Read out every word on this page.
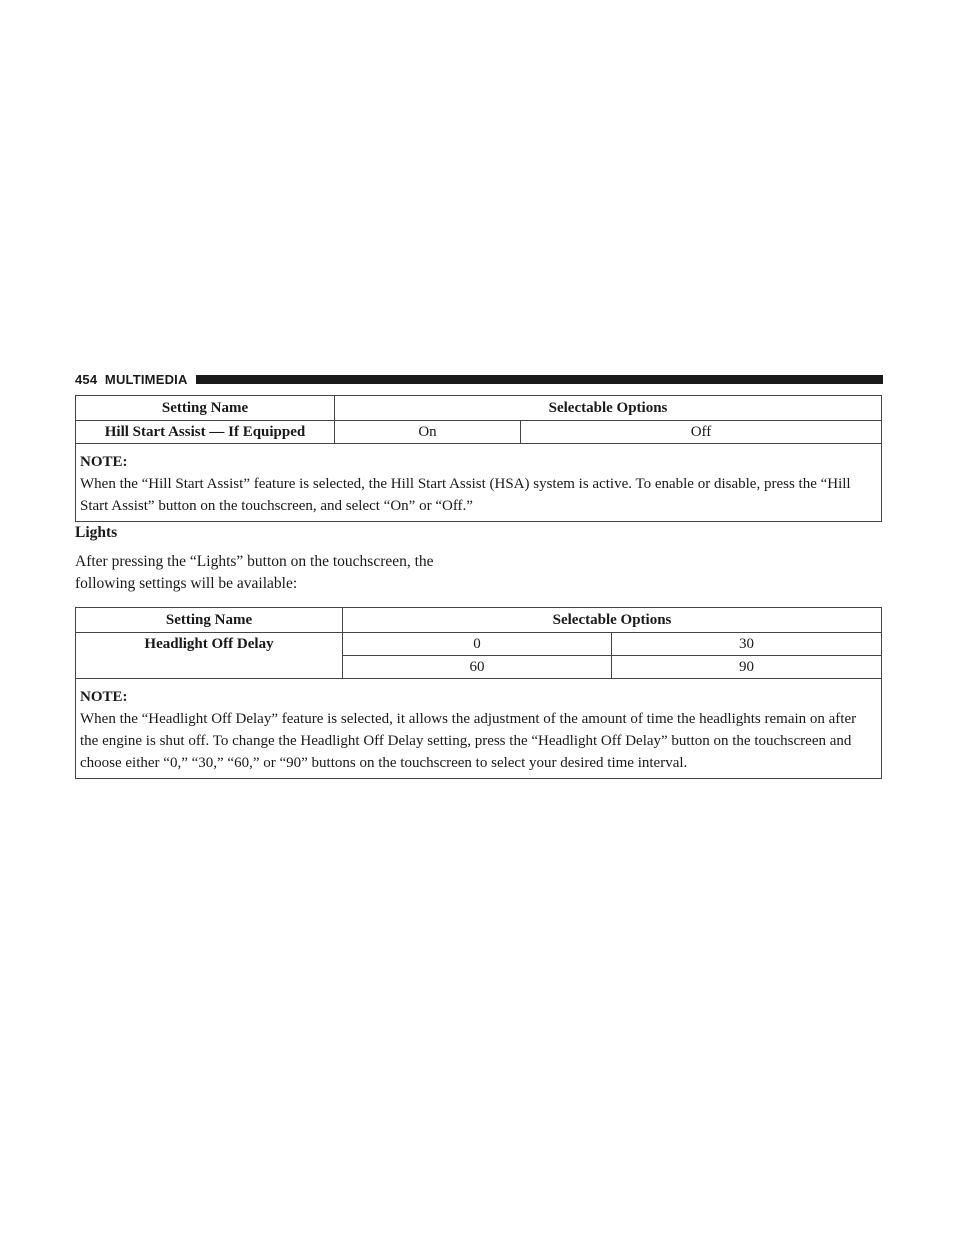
454 MULTIMEDIA
Setting Name	Selectable Options	
Hill Start Assist — If Equipped	On	Off

NOTE:
When the “Hill Start Assist” feature is selected, the Hill Start Assist (HSA) system is active. To enable or disable, press the “Hill Start Assist” button on the touchscreen, and select “On” or “Off.”		
Lights
After pressing the “Lights” button on the touchscreen, the following settings will be available:
Setting Name	Selectable Options	
Headlight Off Delay	0	30
	60	90

NOTE:
When the “Headlight Off Delay” feature is selected, it allows the adjustment of the amount of time the headlights remain on after the engine is shut off. To change the Headlight Off Delay setting, press the “Headlight Off Delay” button on the touchscreen and choose either “0,” “30,” “60,” or “90” buttons on the touchscreen to select your desired time interval.		
